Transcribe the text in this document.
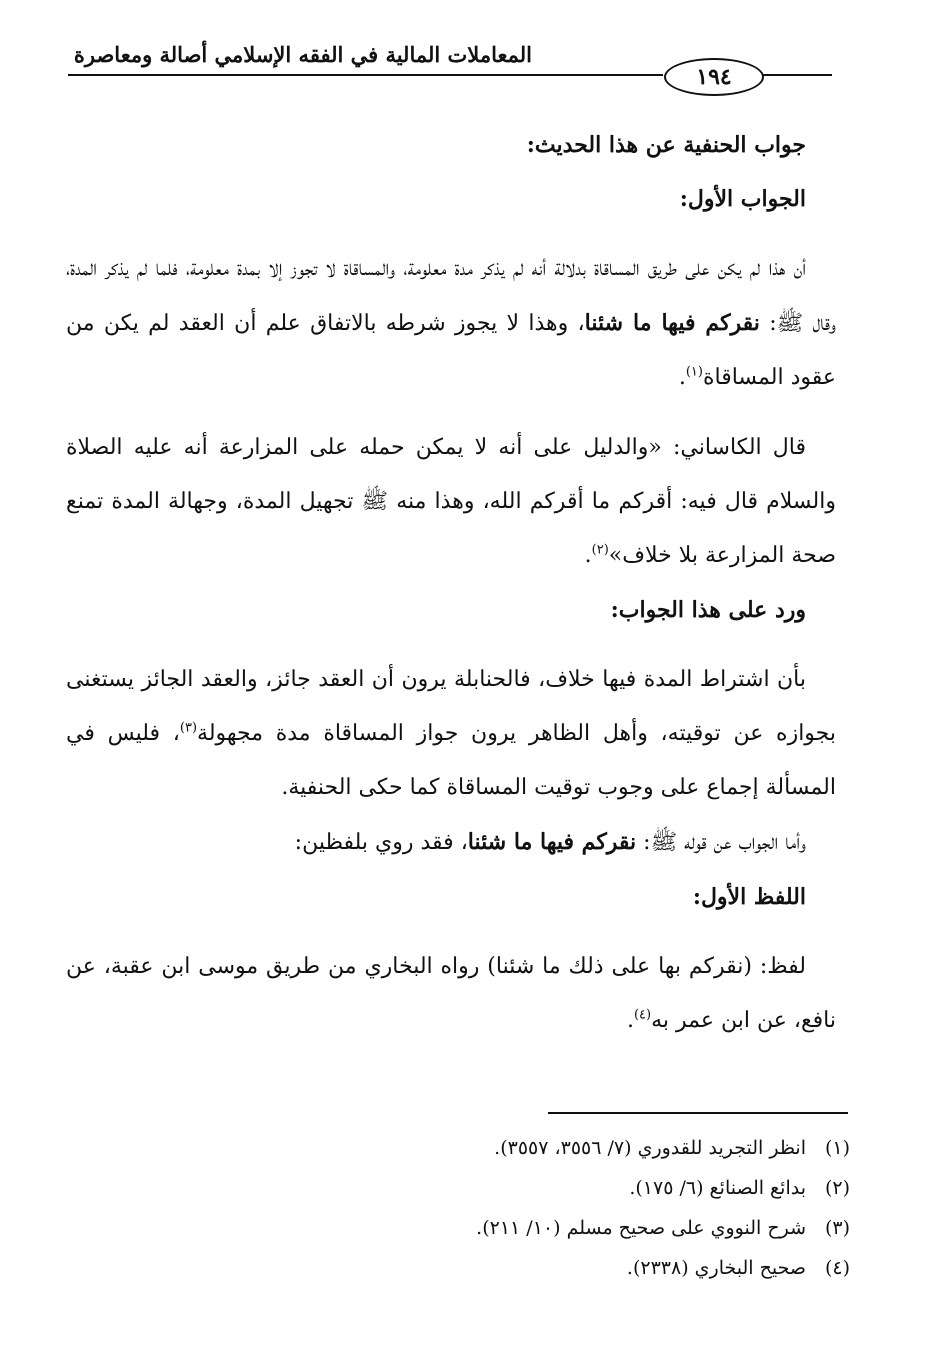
المعاملات المالية في الفقه الإسلامي أصالة ومعاصرة
١٩٤

جواب الحنفية عن هذا الحديث:

الجواب الأول:

أن هذا لم يكن على طريق المساقاة بدلالة أنه لم يذكر مدة معلومة، والمساقاة لا تجوز إلا بمدة معلومة، فلما لم يذكر المدة، وقال ﷺ: نقركم فيها ما شئنا، وهذا لا يجوز شرطه بالاتفاق علم أن العقد لم يكن من عقود المساقاة$^{(١)}$.

قال الكاساني: «والدليل على أنه لا يمكن حمله على المزارعة أنه عليه الصلاة والسلام قال فيه: أقركم ما أقركم الله، وهذا منه ﷺ تجهيل المدة، وجهالة المدة تمنع صحة المزارعة بلا خلاف»$^{(٢)}$.

ورد على هذا الجواب:

بأن اشتراط المدة فيها خلاف، فالحنابلة يرون أن العقد جائز، والعقد الجائز يستغنى بجوازه عن توقيته، وأهل الظاهر يرون جواز المساقاة مدة مجهولة$^{(٣)}$، فليس في المسألة إجماع على وجوب توقيت المساقاة كما حكى الحنفية.

وأما الجواب عن قوله ﷺ: نقركم فيها ما شئنا، فقد روي بلفظين:

اللفظ الأول:

لفظ: (نقركم بها على ذلك ما شئنا) رواه البخاري من طريق موسى ابن عقبة، عن نافع، عن ابن عمر به$^{(٤)}$.

(١)
انظر التجريد للقدوري (٧/ ٣٥٥٦، ٣٥٥٧).
(٢)
بدائع الصنائع (٦/ ١٧٥).
(٣)
شرح النووي على صحيح مسلم (١٠/ ٢١١).
(٤)
صحيح البخاري (٢٣٣٨).
